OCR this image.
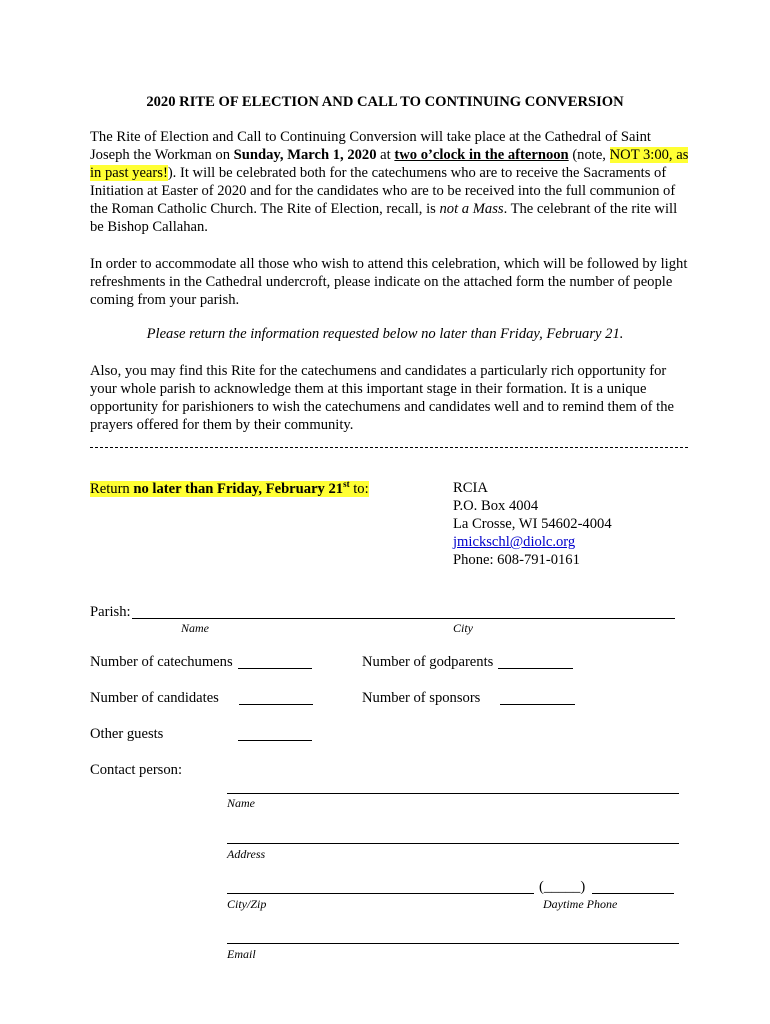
2020 RITE OF ELECTION AND CALL TO CONTINUING CONVERSION
The Rite of Election and Call to Continuing Conversion will take place at the Cathedral of Saint Joseph the Workman on Sunday, March 1, 2020 at two o’clock in the afternoon (note, NOT 3:00, as in past years!). It will be celebrated both for the catechumens who are to receive the Sacraments of Initiation at Easter of 2020 and for the candidates who are to be received into the full communion of the Roman Catholic Church. The Rite of Election, recall, is not a Mass. The celebrant of the rite will be Bishop Callahan.
In order to accommodate all those who wish to attend this celebration, which will be followed by light refreshments in the Cathedral undercroft, please indicate on the attached form the number of people coming from your parish.
Please return the information requested below no later than Friday, February 21.
Also, you may find this Rite for the catechumens and candidates a particularly rich opportunity for your whole parish to acknowledge them at this important stage in their formation. It is a unique opportunity for parishioners to wish the catechumens and candidates well and to remind them of the prayers offered for them by their community.
Return no later than Friday, February 21st to:	RCIA
P.O. Box 4004
La Crosse, WI 54602-4004
jmickschl@diolc.org
Phone: 608-791-0161
Parish:
Name	City
Number of catechumens	Number of godparents
Number of candidates	Number of sponsors
Other guests
Contact person:
Name
Address
(_____)
City/Zip	Daytime Phone
Email
